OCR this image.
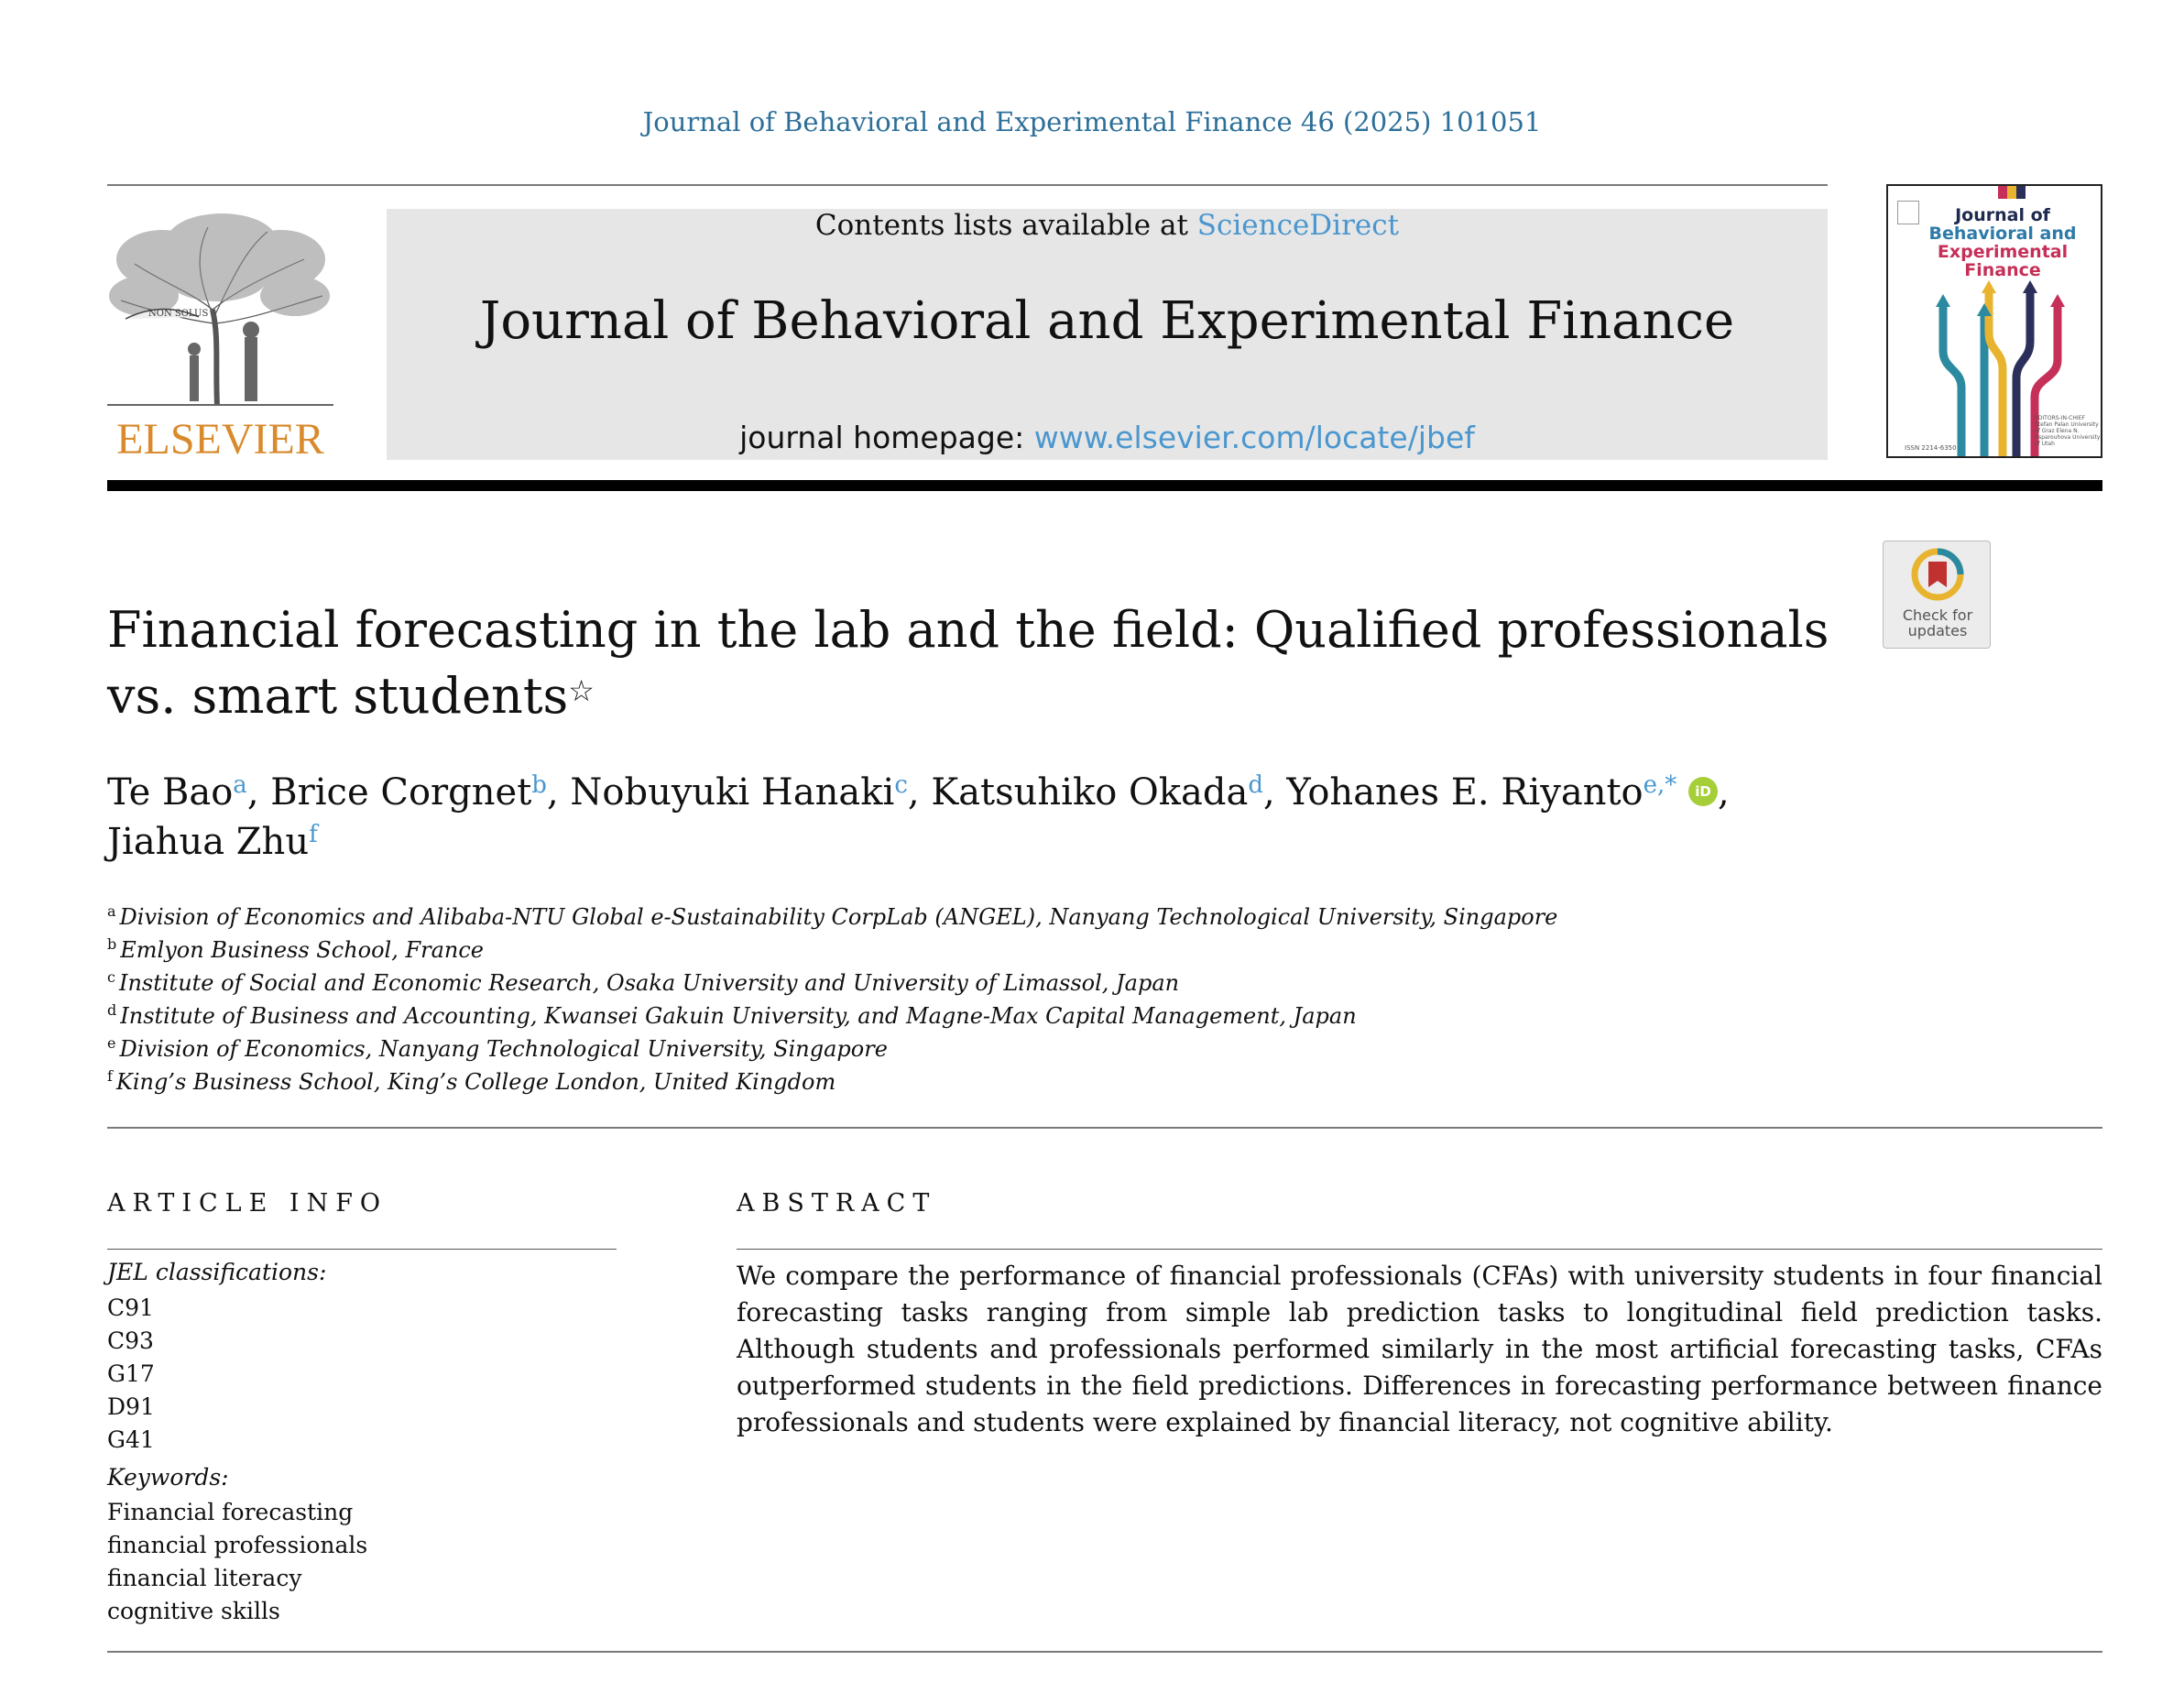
Journal of Behavioral and Experimental Finance 46 (2025) 101051
NON SOLUS
ELSEVIER
Contents lists available at ScienceDirect
Journal of Behavioral and Experimental Finance
journal homepage: www.elsevier.com/locate/jbef
Journal of
Behavioral and
Experimental Finance
EDITORS-IN-CHIEF Stefan Palan University of Graz Elena N. Asparouhova University of Utah
ISSN 2214-6350
Check for
updates
Financial forecasting in the lab and the field: Qualified professionals vs. smart students☆
Te Bao$^a$, Brice Corgnet$^b$, Nobuyuki Hanaki$^c$, Katsuhiko Okada$^d$, Yohanes E. Riyanto$^{e,*}$ iD ,
Jiahua Zhu$^f$
$^a$ Division of Economics and Alibaba-NTU Global e-Sustainability CorpLab (ANGEL), Nanyang Technological University, Singapore
$^b$ Emlyon Business School, France
$^c$ Institute of Social and Economic Research, Osaka University and University of Limassol, Japan
$^d$ Institute of Business and Accounting, Kwansei Gakuin University, and Magne-Max Capital Management, Japan
$^e$ Division of Economics, Nanyang Technological University, Singapore
$^f$ King’s Business School, King’s College London, United Kingdom
ARTICLE INFO
JEL classifications:
C91
C93
G17
D91
G41
Keywords:
Financial forecasting
financial professionals
financial literacy
cognitive skills
ABSTRACT
We compare the performance of financial professionals (CFAs) with university students in four financial forecasting tasks ranging from simple lab prediction tasks to longitudinal field prediction tasks. Although students and professionals performed similarly in the most artificial forecasting tasks, CFAs outperformed students in the field predictions. Differences in forecasting performance between finance professionals and students were explained by financial literacy, not cognitive ability.
